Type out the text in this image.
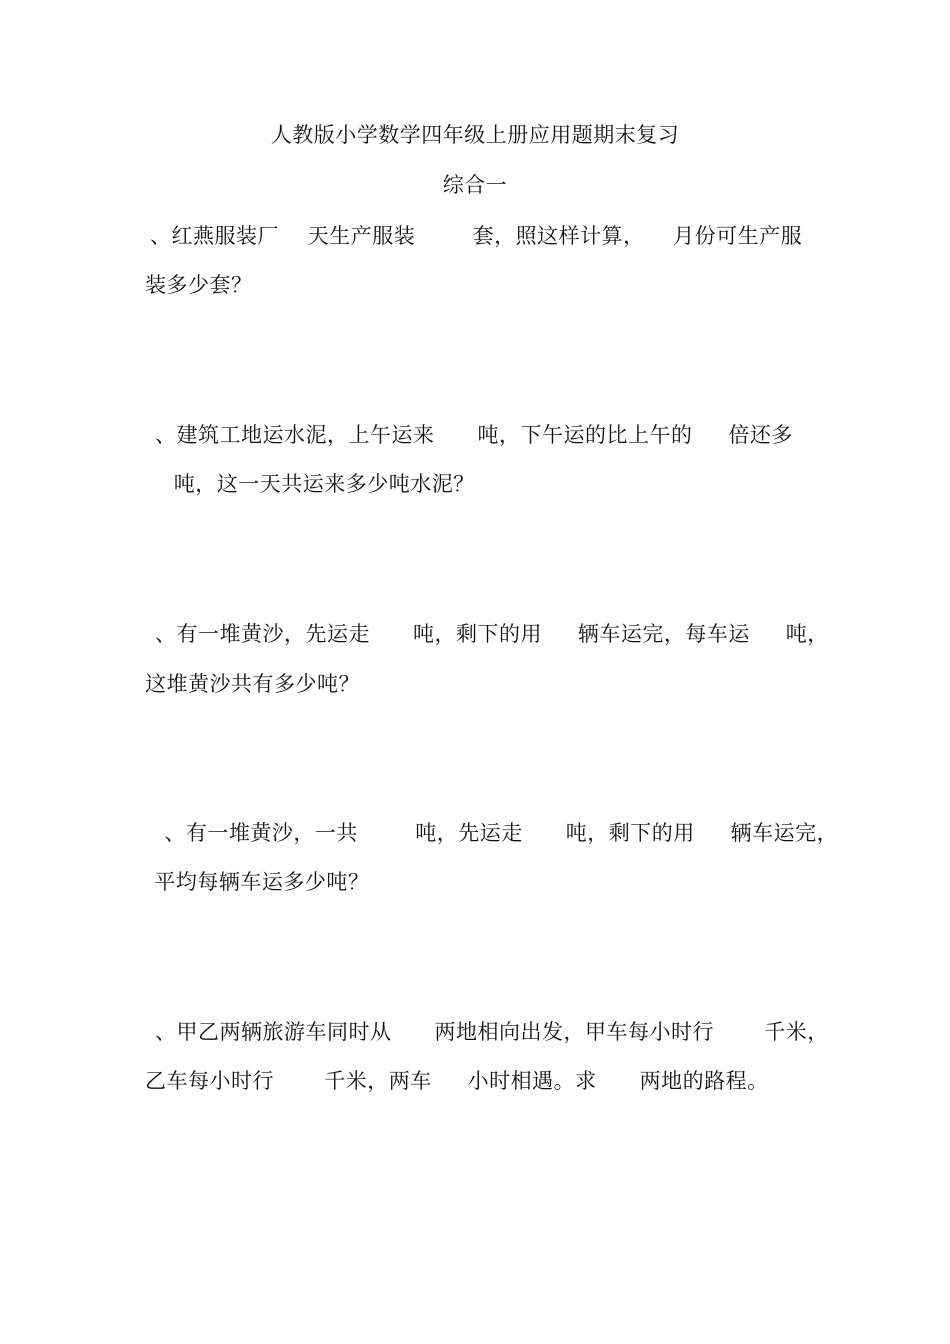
人教版小学数学四年级上册应用题期末复习
综合一
、红燕服装厂    天生产服装        套，照这样计算，    月份可生产服
装多少套？
、建筑工地运水泥，上午运来      吨，下午运的比上午的     倍还多
吨，这一天共运来多少吨水泥？
、有一堆黄沙，先运走      吨，剩下的用     辆车运完，每车运     吨，
这堆黄沙共有多少吨？
、有一堆黄沙，一共        吨，先运走      吨，剩下的用     辆车运完，
平均每辆车运多少吨？
、甲乙两辆旅游车同时从      两地相向出发，甲车每小时行       千米，
乙车每小时行       千米，两车     小时相遇。求      两地的路程。
